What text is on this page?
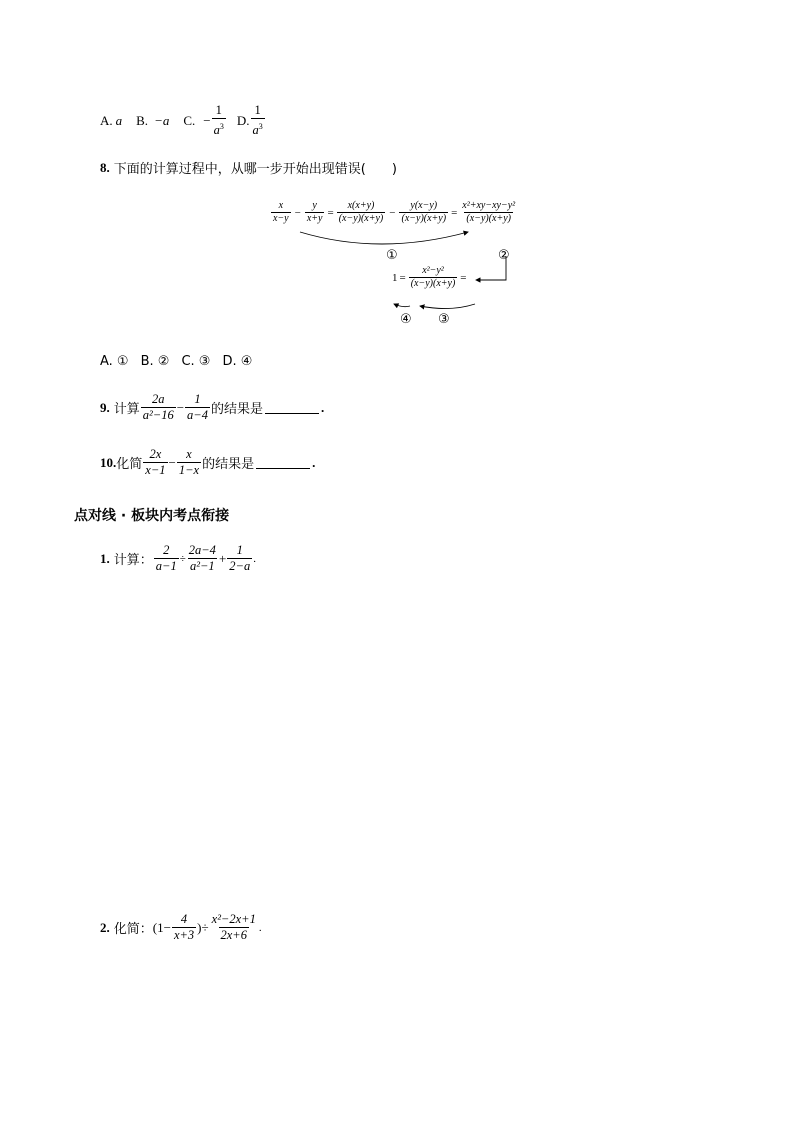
A. a B. −a C. − $\frac{1}{a^3} D$. $\frac{1}{a^3}$
8. 下面的计算过程中，从哪一步开始出现错误(　　)
$\frac{x}{x-y} - \frac{y}{x+y} = \frac{x(x+y)}{(x-y)(x+y)} - \frac{y(x-y)}{(x-y)(x+y)} = \frac{\text{x²+xy−xy−y²}}{(x-y)(x+y)}$
①	②
$1 = \frac{\text{x²−y²}}{(x-y)(x+y)}$ =
④ ③
A. ① B. ② C. ③ D. ④
9. 计算 $\frac{2a}{\text{a²−16}} - \frac{1}{a-4}$ 的结果是	.
10. 化简 $\frac{2x}{x-1} - \frac{x}{1-x}$ 的结果是	.
点对线 · 板块内考点衔接
1. 计算： $\frac{2}{a-1} \div \frac{2a-4}{\text{a²−1}} + \frac{1}{2-a}$ .
2. 化简： ($1- \frac{4}{x+3}$ )÷ $\frac{\text{x²−2x+1}}{2x+6}$ .
